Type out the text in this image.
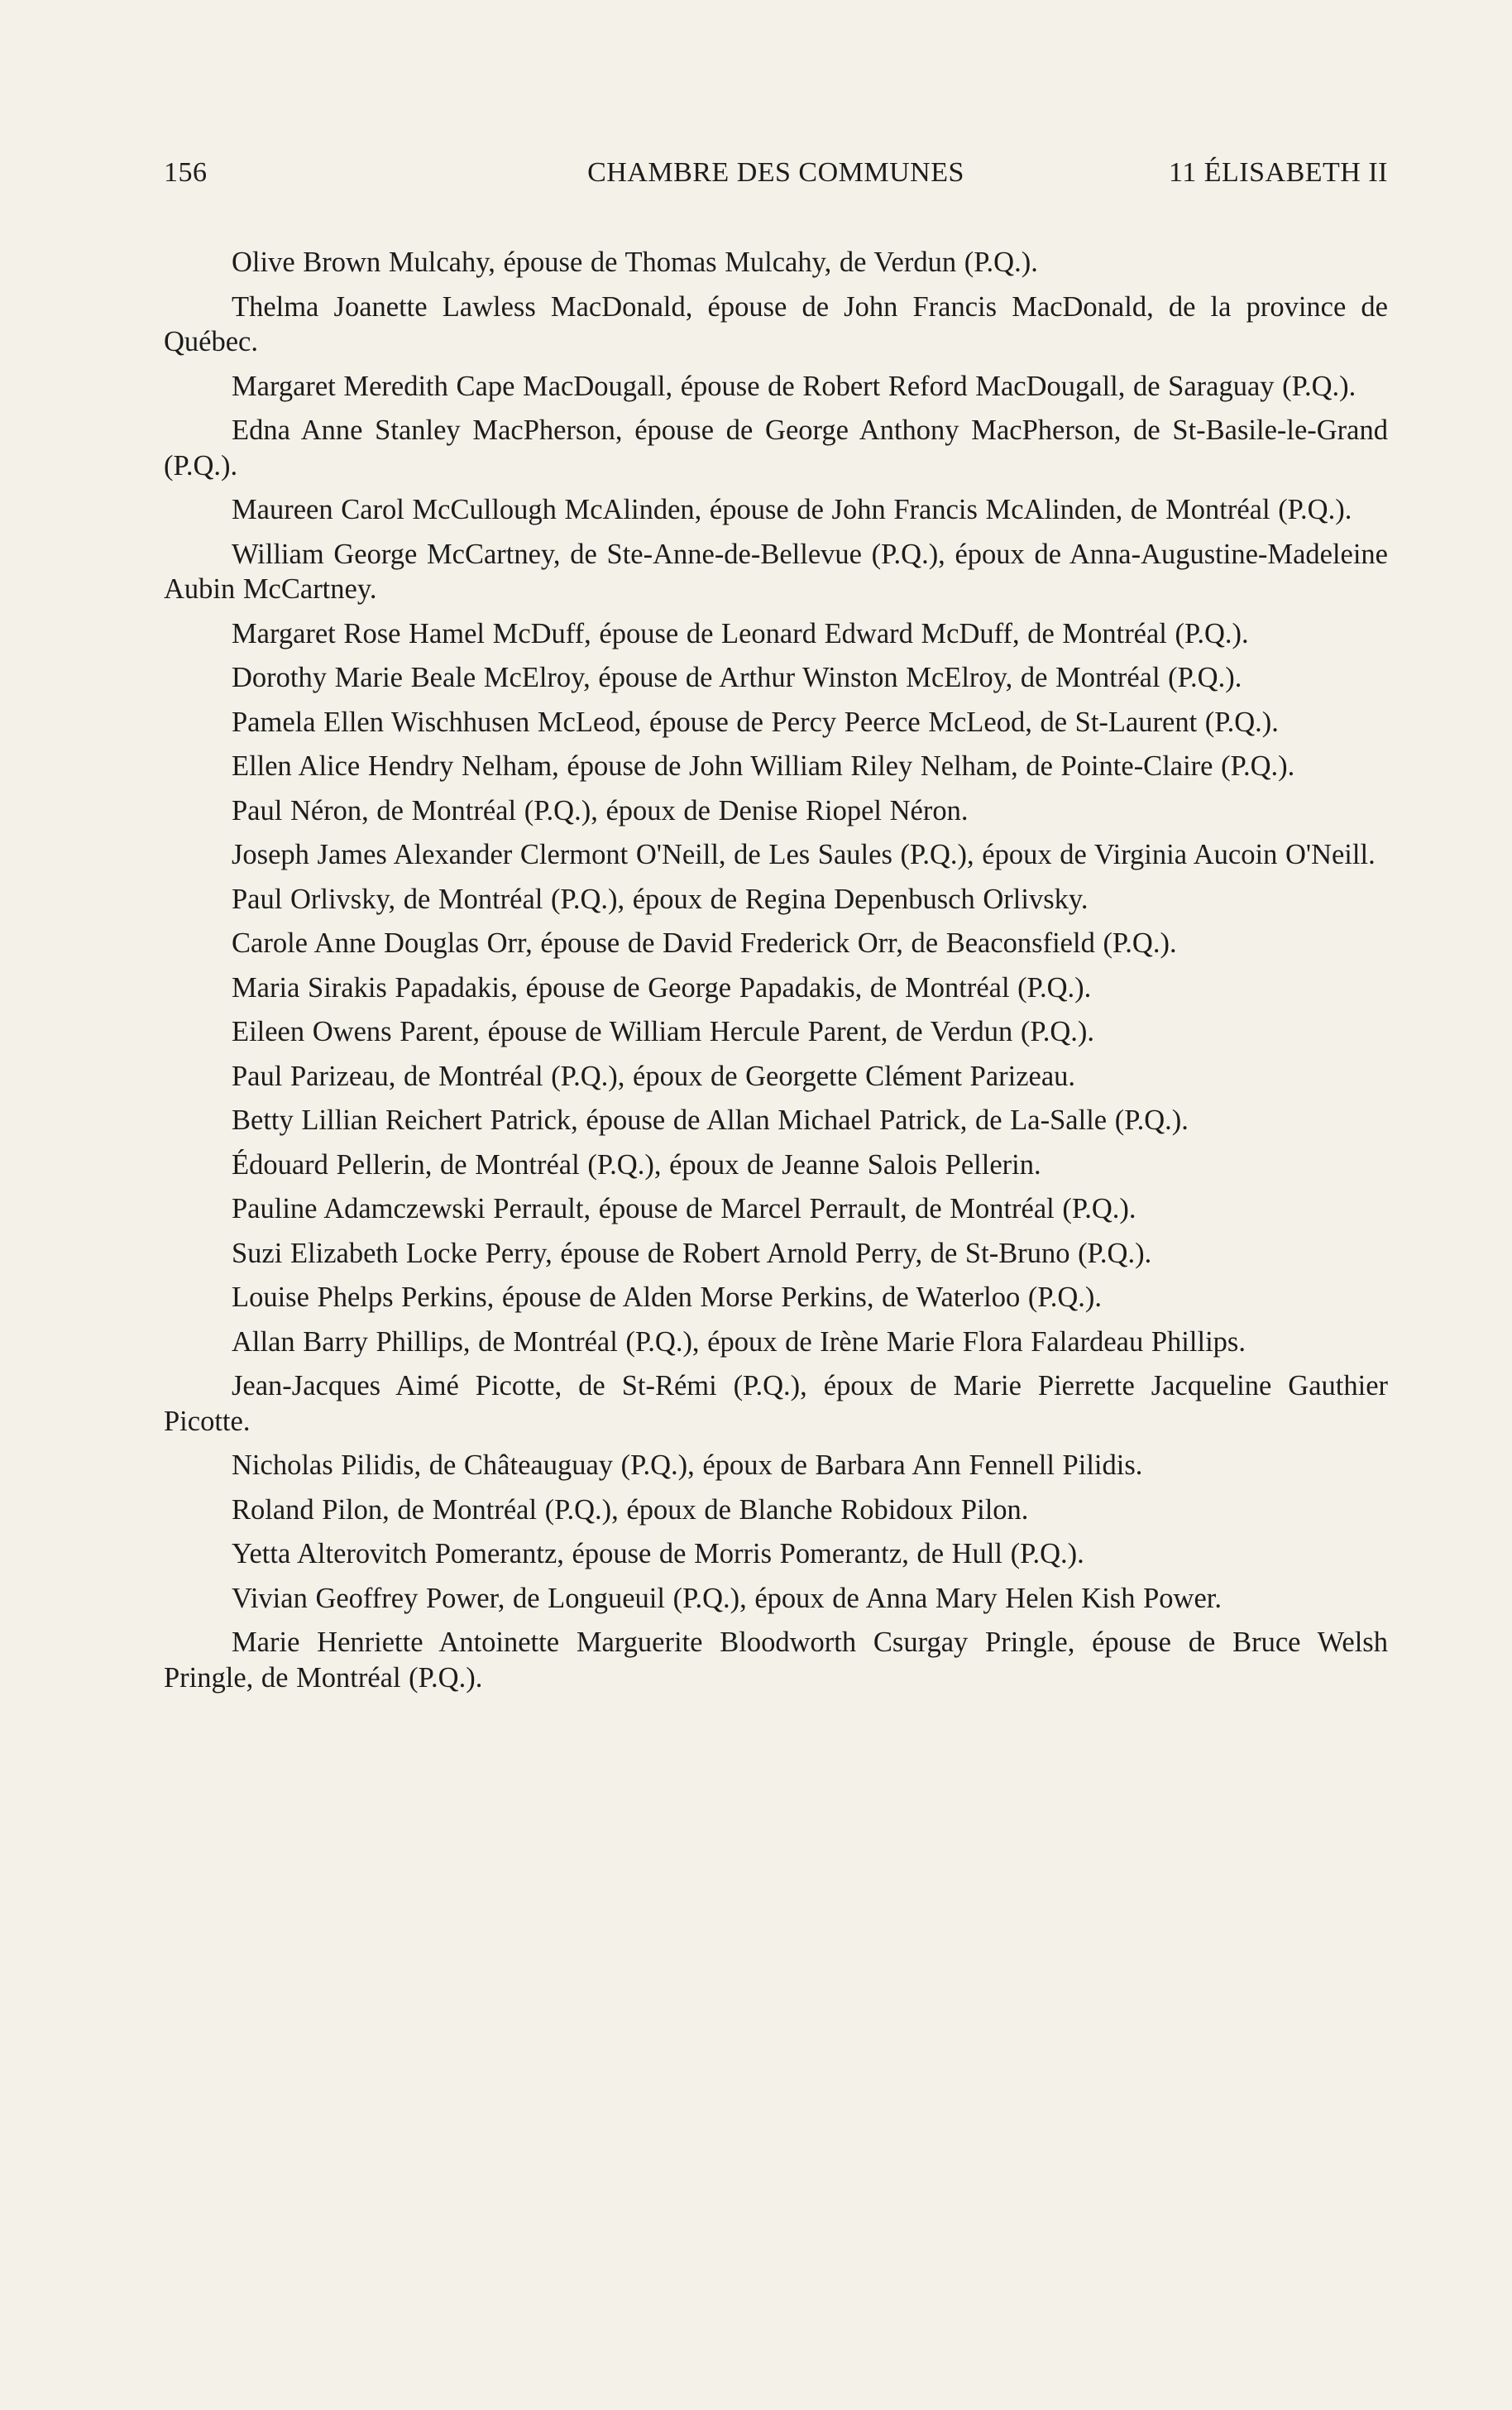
CHAMBRE DES COMMUNES
156	11 ÉLISABETH II

Olive Brown Mulcahy, épouse de Thomas Mulcahy, de Verdun (P.Q.).

Thelma Joanette Lawless MacDonald, épouse de John Francis MacDonald, de la province de Québec.

Margaret Meredith Cape MacDougall, épouse de Robert Reford MacDougall, de Saraguay (P.Q.).

Edna Anne Stanley MacPherson, épouse de George Anthony MacPherson, de St-Basile-le-Grand (P.Q.).

Maureen Carol McCullough McAlinden, épouse de John Francis McAlinden, de Montréal (P.Q.).

William George McCartney, de Ste-Anne-de-Bellevue (P.Q.), époux de Anna-Augustine-Madeleine Aubin McCartney.

Margaret Rose Hamel McDuff, épouse de Leonard Edward McDuff, de Montréal (P.Q.).

Dorothy Marie Beale McElroy, épouse de Arthur Winston McElroy, de Montréal (P.Q.).

Pamela Ellen Wischhusen McLeod, épouse de Percy Peerce McLeod, de St-Laurent (P.Q.).

Ellen Alice Hendry Nelham, épouse de John William Riley Nelham, de Pointe-Claire (P.Q.).

Paul Néron, de Montréal (P.Q.), époux de Denise Riopel Néron.

Joseph James Alexander Clermont O'Neill, de Les Saules (P.Q.), époux de Virginia Aucoin O'Neill.

Paul Orlivsky, de Montréal (P.Q.), époux de Regina Depenbusch Orlivsky.

Carole Anne Douglas Orr, épouse de David Frederick Orr, de Beaconsfield (P.Q.).

Maria Sirakis Papadakis, épouse de George Papadakis, de Montréal (P.Q.).

Eileen Owens Parent, épouse de William Hercule Parent, de Verdun (P.Q.).

Paul Parizeau, de Montréal (P.Q.), époux de Georgette Clément Parizeau.

Betty Lillian Reichert Patrick, épouse de Allan Michael Patrick, de La-Salle (P.Q.).

Édouard Pellerin, de Montréal (P.Q.), époux de Jeanne Salois Pellerin.

Pauline Adamczewski Perrault, épouse de Marcel Perrault, de Montréal (P.Q.).

Suzi Elizabeth Locke Perry, épouse de Robert Arnold Perry, de St-Bruno (P.Q.).

Louise Phelps Perkins, épouse de Alden Morse Perkins, de Waterloo (P.Q.).

Allan Barry Phillips, de Montréal (P.Q.), époux de Irène Marie Flora Falardeau Phillips.

Jean-Jacques Aimé Picotte, de St-Rémi (P.Q.), époux de Marie Pierrette Jacqueline Gauthier Picotte.

Nicholas Pilidis, de Châteauguay (P.Q.), époux de Barbara Ann Fennell Pilidis.

Roland Pilon, de Montréal (P.Q.), époux de Blanche Robidoux Pilon.

Yetta Alterovitch Pomerantz, épouse de Morris Pomerantz, de Hull (P.Q.).

Vivian Geoffrey Power, de Longueuil (P.Q.), époux de Anna Mary Helen Kish Power.

Marie Henriette Antoinette Marguerite Bloodworth Csurgay Pringle, épouse de Bruce Welsh Pringle, de Montréal (P.Q.).
